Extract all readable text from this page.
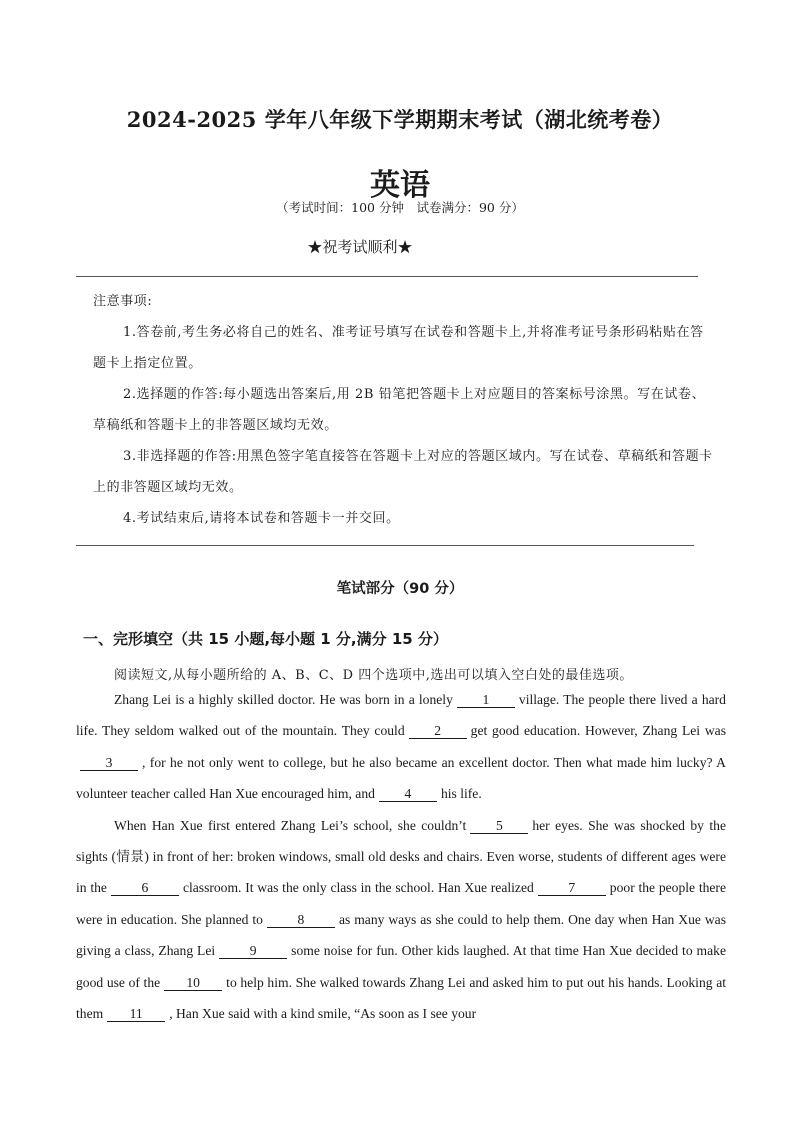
2024-2025 学年八年级下学期期末考试（湖北统考卷）
英语
（考试时间：100 分钟　试卷满分：90 分）
★祝考试顺利★

注意事项:

1.答卷前,考生务必将自己的姓名、准考证号填写在试卷和答题卡上,并将准考证号条形码粘贴在答题卡上指定位置。

2.选择题的作答:每小题选出答案后,用 2B 铅笔把答题卡上对应题目的答案标号涂黑。写在试卷、草稿纸和答题卡上的非答题区域均无效。

3.非选择题的作答:用黑色签字笔直接答在答题卡上对应的答题区域内。写在试卷、草稿纸和答题卡上的非答题区域均无效。

4.考试结束后,请将本试卷和答题卡一并交回。

笔试部分（90 分）
一、完形填空（共 15 小题,每小题 1 分,满分 15 分）
阅读短文,从每小题所给的 A、B、C、D 四个选项中,选出可以填入空白处的最佳选项。

Zhang Lei is a highly skilled doctor. He was born in a lonely 1 village. The people there lived a hard life. They seldom walked out of the mountain. They could 2 get good education. However, Zhang Lei was3 , for he not only went to college, but he also became an excellent doctor. Then what made him lucky? A volunteer teacher called Han Xue encouraged him, and 4 his life.

When Han Xue first entered Zhang Lei’s school, she couldn’t 5 her eyes. She was shocked by the sights (情景) in front of her: broken windows, small old desks and chairs. Even worse, students of different ages were in the	6	classroom. It was the only class in the school. Han Xue realized	7	poor the people there were in education. She planned to	8	as many ways as she could to help them. One day when Han Xue was giving a class, Zhang Lei	9	some noise for fun. Other kids laughed. At that time Han Xue decided to make good use of the 10 to help him. She walked towards Zhang Lei and asked him to put out his hands. Looking at them 11 , Han Xue said with a kind smile, “As soon as I see your
